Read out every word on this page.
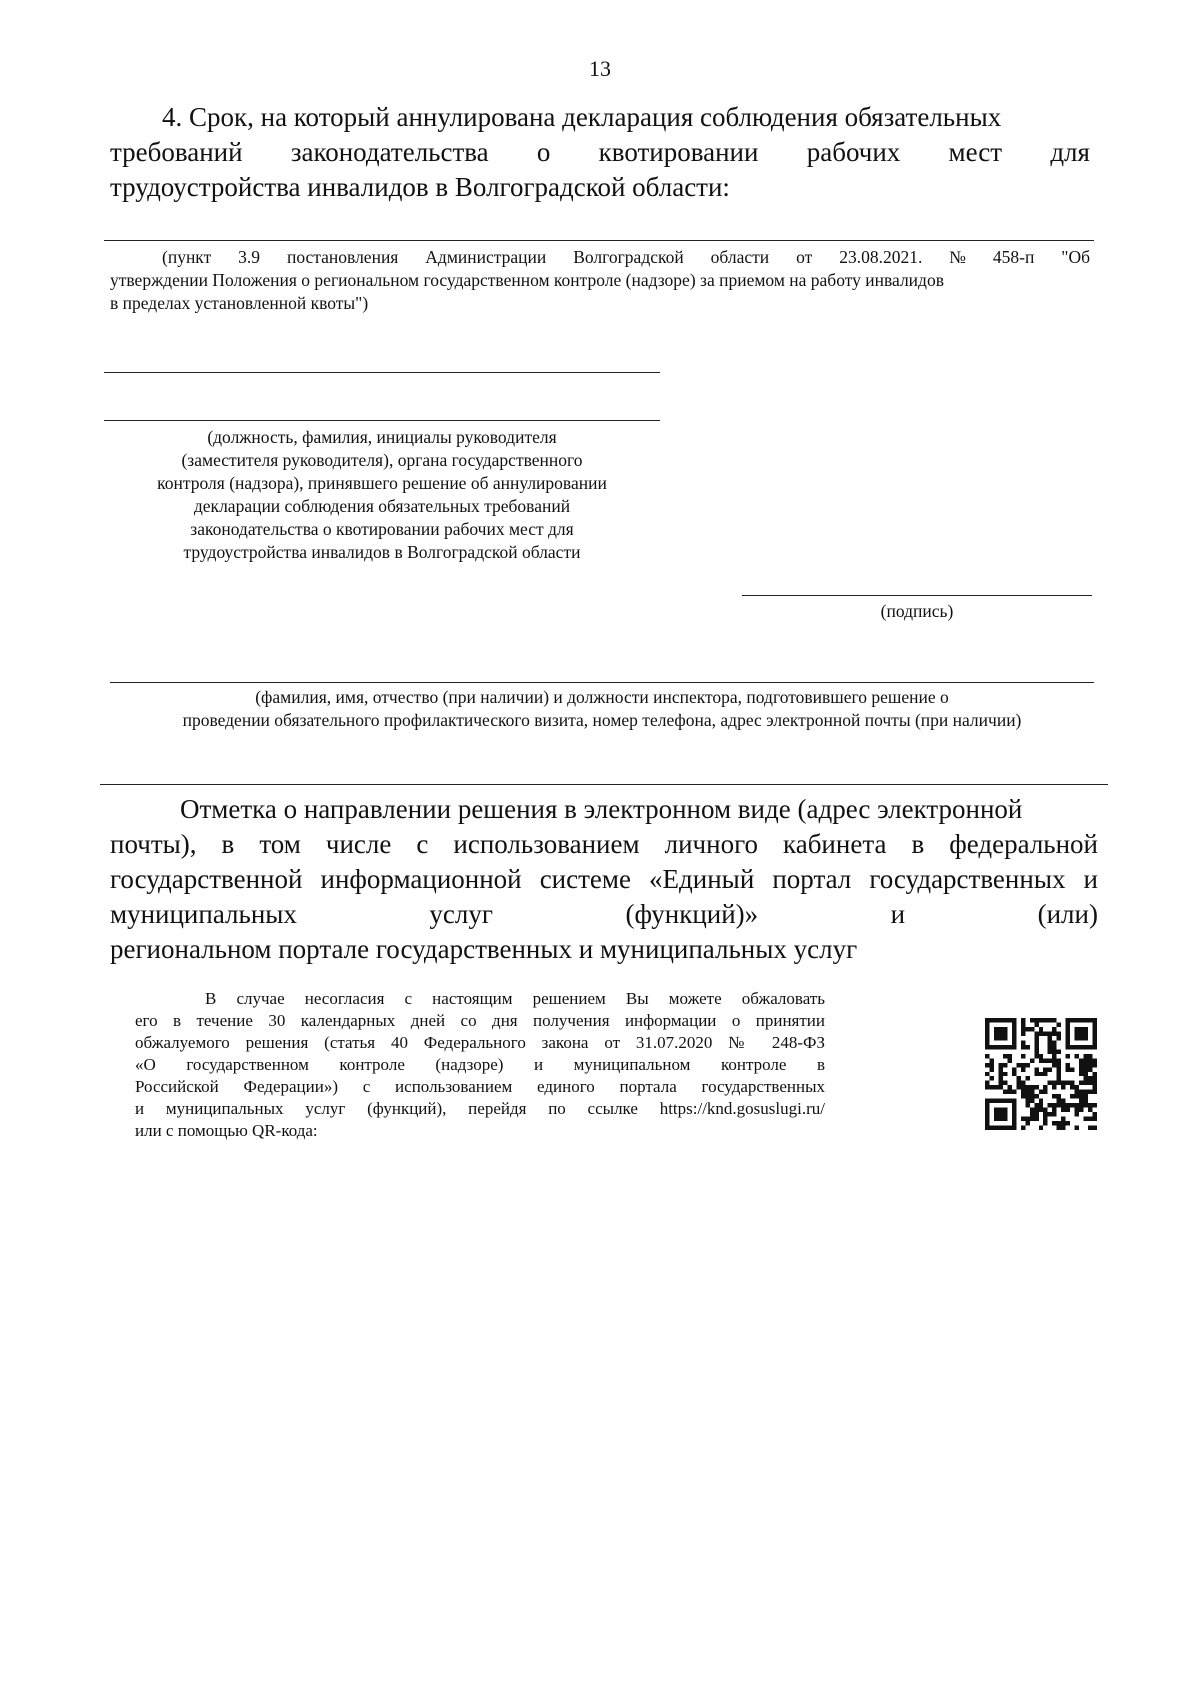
13
4. Срок, на который аннулирована декларация соблюдения обязательных
требований законодательства о квотировании рабочих мест для
трудоустройства инвалидов в Волгоградской области:
(пункт 3.9 постановления Администрации Волгоградской области от 23.08.2021. № 458-п "Об
утверждении Положения о региональном государственном контроле (надзоре) за приемом на работу инвалидов
в пределах установленной квоты")
(должность, фамилия, инициалы руководителя
(заместителя руководителя), органа государственного
контроля (надзора), принявшего решение об аннулировании
декларации соблюдения обязательных требований
законодательства о квотировании рабочих мест для
трудоустройства инвалидов в Волгоградской области
(подпись)
(фамилия, имя, отчество (при наличии) и должности инспектора, подготовившего решение о
проведении обязательного профилактического визита, номер телефона, адрес электронной почты (при наличии)
Отметка о направлении решения в электронном виде (адрес электронной
почты), в том числе с использованием личного кабинета в федеральной
государственной информационной системе «Единый портал государственных и
муниципальных	услуг	(функций)»	и	(или)
региональном портале государственных и муниципальных услуг
В случае несогласия с настоящим решением Вы можете обжаловать
его в течение 30 календарных дней со дня получения информации о принятии
обжалуемого решения (статья 40 Федерального закона от 31.07.2020 № 248-ФЗ
«О государственном контроле (надзоре) и муниципальном контроле в
Российской Федерации») с использованием единого портала государственных
и муниципальных услуг (функций), перейдя по ссылке https://knd.gosuslugi.ru/
или с помощью QR-кода:
